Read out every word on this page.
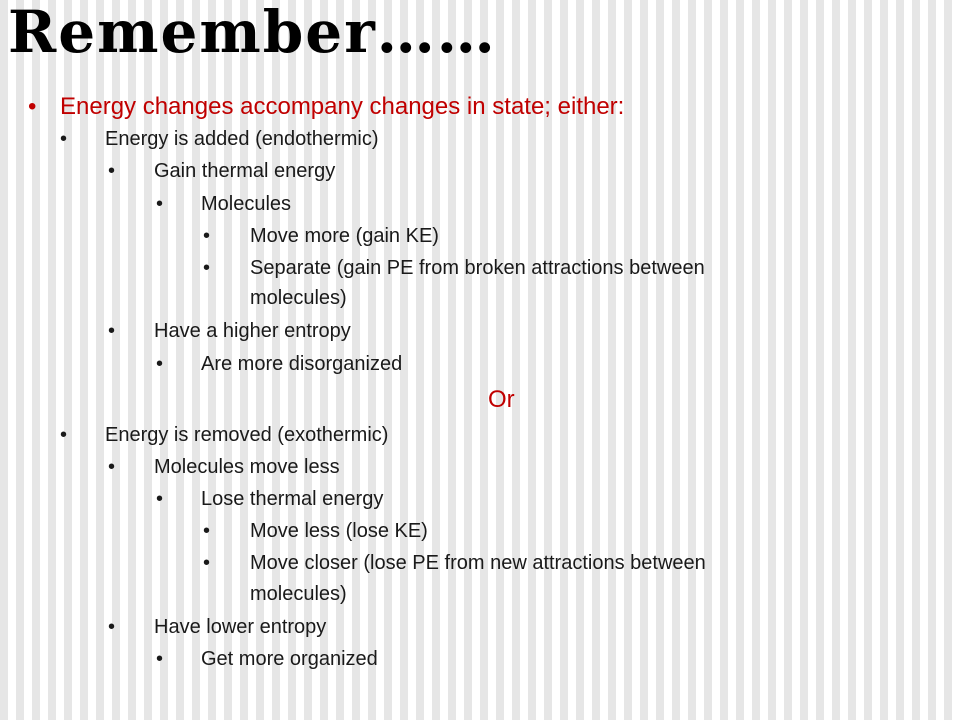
Remember……
• Energy changes accompany changes in state; either:
• Energy is added (endothermic)
• Gain thermal energy
• Molecules
• Move more (gain KE)
• Separate (gain PE from broken attractions between
molecules)
• Have a higher entropy
• Are more disorganized
Or
• Energy is removed (exothermic)
• Molecules move less
• Lose thermal energy
• Move less (lose KE)
• Move closer (lose PE from new attractions between
molecules)
• Have lower entropy
• Get more organized
